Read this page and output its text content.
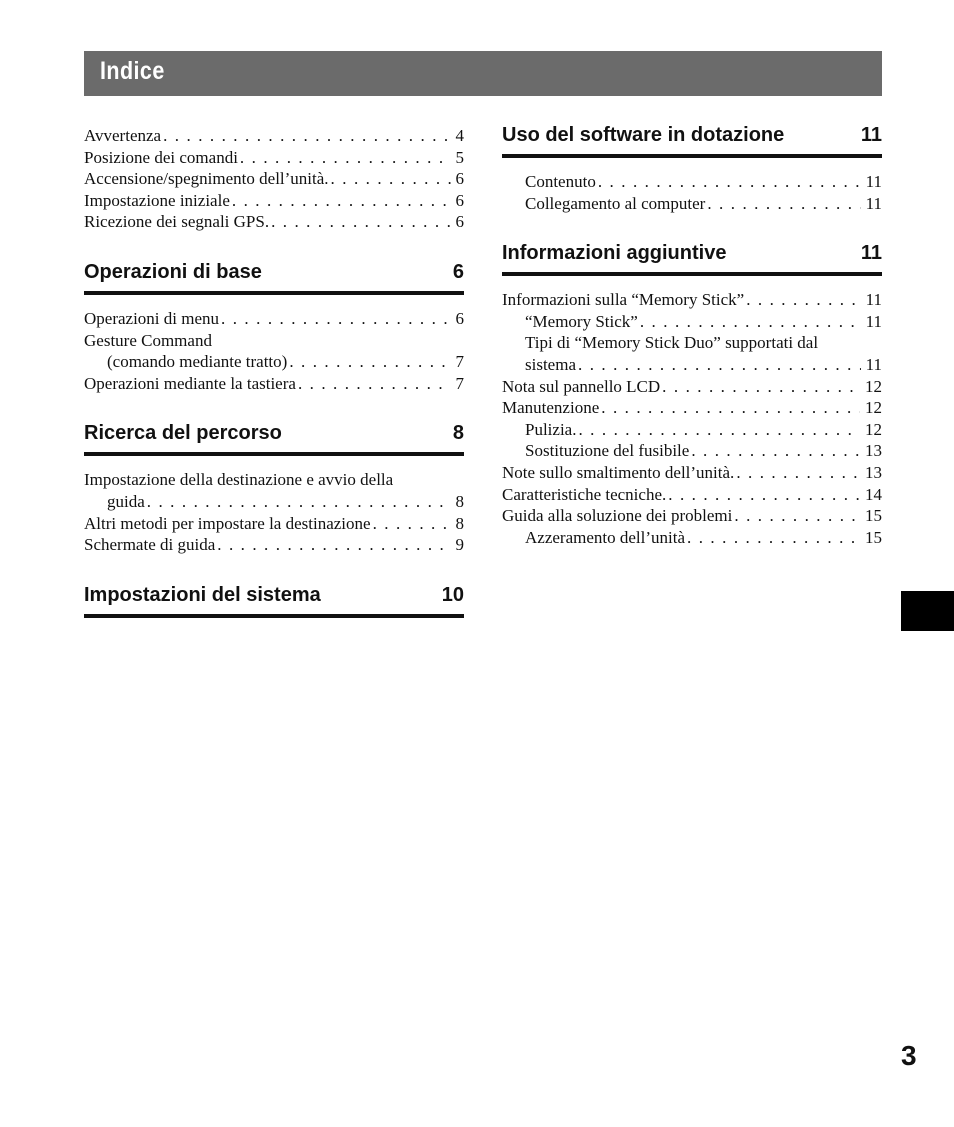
Indice
Avvertenza . . .	4
Posizione dei comandi . . .	5
Accensione/spegnimento dell’unità. . . .	6
Impostazione iniziale . . .	6
Ricezione dei segnali GPS. . . .	6
Operazioni di base	6
Operazioni di menu . . .	6
Gesture Command
(comando mediante tratto) . . .	7
Operazioni mediante la tastiera . . .	7
Ricerca del percorso	8
Impostazione della destinazione e avvio della
guida . . .	8
Altri metodi per impostare la destinazione . . .	8
Schermate di guida . . .	9
Impostazioni del sistema	10
Uso del software in dotazione	11
Contenuto . . .	11
Collegamento al computer . . .	11
Informazioni aggiuntive	11
Informazioni sulla “Memory Stick” . . .	11
“Memory Stick” . . .	11
Tipi di “Memory Stick Duo” supportati dal
sistema . . .	11
Nota sul pannello LCD . . .	12
Manutenzione . . .	12
Pulizia. . . .	12
Sostituzione del fusibile . . .	13
Note sullo smaltimento dell’unità. . . .	13
Caratteristiche tecniche. . . .	14
Guida alla soluzione dei problemi . . .	15
Azzeramento dell’unità . . .	15
3
